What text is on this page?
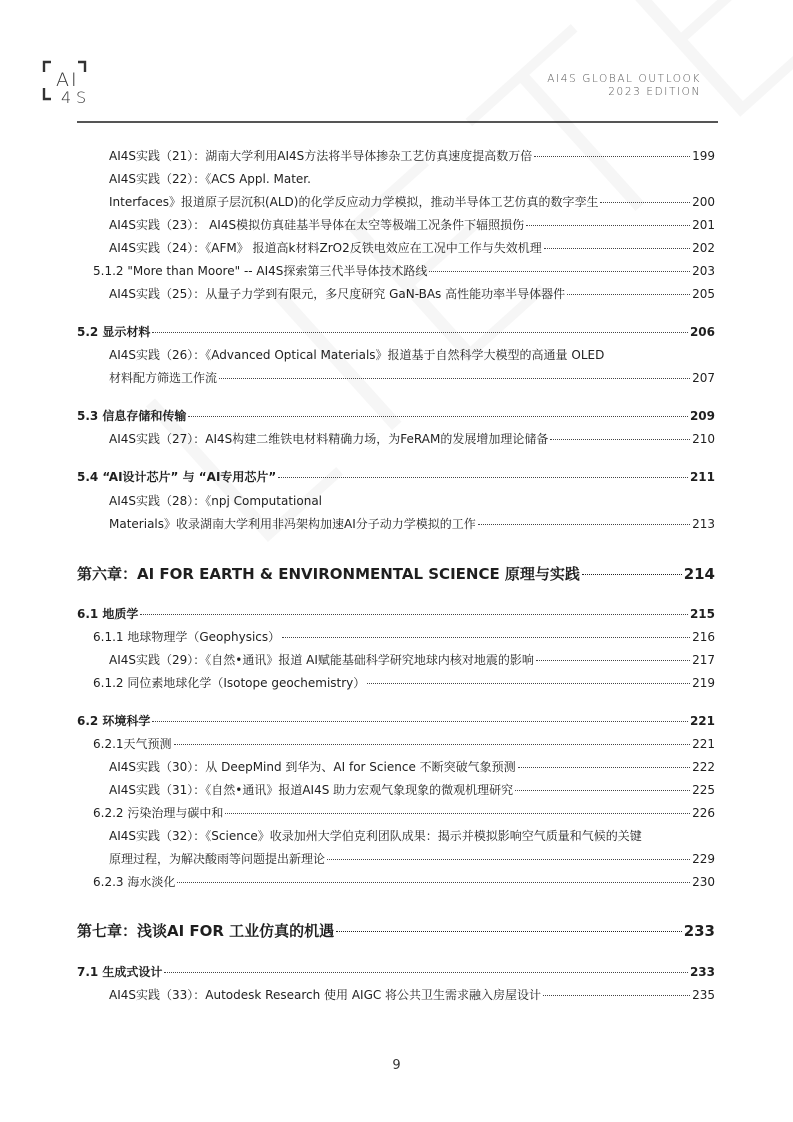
A I
4 S
AI4S GLOBAL OUTLOOK
2023 EDITION
AI4S实践（21）：湖南大学利用AI4S方法将半导体掺杂工艺仿真速度提高数万倍	199
AI4S实践（22）：《ACS Appl. Mater.
Interfaces》报道原子层沉积(ALD)的化学反应动力学模拟，推动半导体工艺仿真的数字孪生	200
AI4S实践（23）： AI4S模拟仿真硅基半导体在太空等极端工况条件下辐照损伤	201
AI4S实践（24）：《AFM》 报道高k材料ZrO2反铁电效应在工况中工作与失效机理	202
5.1.2 "More than Moore" -- AI4S探索第三代半导体技术路线	203
AI4S实践（25）：从量子力学到有限元，多尺度研究 GaN-BAs 高性能功率半导体器件	205
5.2 显示材料	206
AI4S实践（26）：《Advanced Optical Materials》报道基于自然科学大模型的高通量 OLED
材料配方筛选工作流	207
5.3 信息存储和传输	209
AI4S实践（27）：AI4S构建二维铁电材料精确力场，为FeRAM的发展增加理论储备	210
5.4 “AI设计芯片” 与 “AI专用芯片”	211
AI4S实践（28）：《npj Computational
Materials》收录湖南大学利用非冯架构加速AI分子动力学模拟的工作	213
第六章：AI FOR EARTH & ENVIRONMENTAL SCIENCE 原理与实践	214
6.1 地质学	215
6.1.1 地球物理学（Geophysics）	216
AI4S实践（29）：《自然•通讯》报道 AI赋能基础科学研究地球内核对地震的影响	217
6.1.2 同位素地球化学（Isotope geochemistry）	219
6.2 环境科学	221
6.2.1天气预测	221
AI4S实践（30）：从 DeepMind 到华为、AI for Science 不断突破气象预测	222
AI4S实践（31）：《自然•通讯》报道AI4S 助力宏观气象现象的微观机理研究	225
6.2.2 污染治理与碳中和	226
AI4S实践（32）：《Science》收录加州大学伯克利团队成果：揭示并模拟影响空气质量和气候的关键
原理过程，为解决酸雨等问题提出新理论	229
6.2.3 海水淡化	230
第七章：浅谈AI FOR 工业仿真的机遇	233
7.1 生成式设计	233
AI4S实践（33）：Autodesk Research 使用 AIGC 将公共卫生需求融入房屋设计	235
9
